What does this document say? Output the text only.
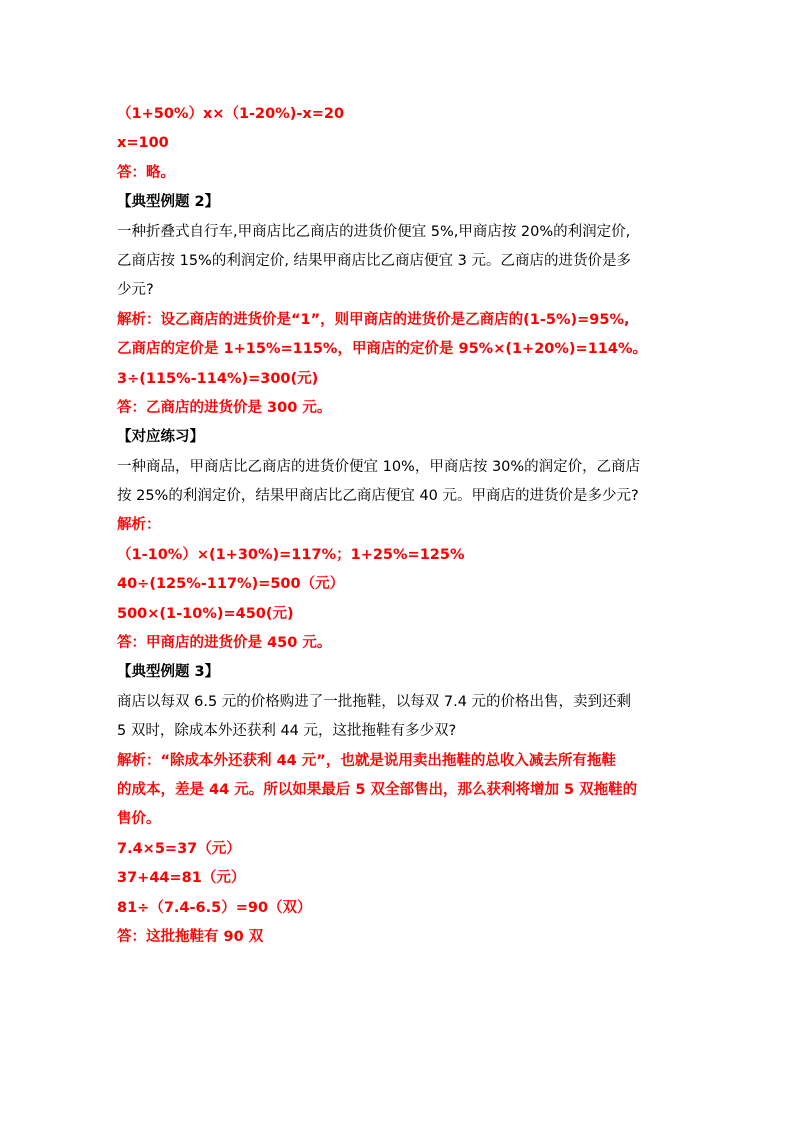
（1+50%）x×（1-20%)-x=20
x=100
答：略。
【典型例题 2】
一种折叠式自行车,甲商店比乙商店的进货价便宜 5%,甲商店按 20%的利润定价,
乙商店按 15%的利润定价, 结果甲商店比乙商店便宜 3 元。乙商店的进货价是多
少元?
解析：设乙商店的进货价是“1”，则甲商店的进货价是乙商店的(1-5%)=95%,
乙商店的定价是 1+15%=115%，甲商店的定价是 95%×(1+20%)=114%。
3÷(115%-114%)=300(元)
答：乙商店的进货价是 300 元。
【对应练习】
一种商品，甲商店比乙商店的进货价便宜 10%，甲商店按 30%的润定价，乙商店
按 25%的利润定价，结果甲商店比乙商店便宜 40 元。甲商店的进货价是多少元?
解析：
（1-10%）×(1+30%)=117%；1+25%=125%
40÷(125%-117%)=500（元）
500×(1-10%)=450(元)
答：甲商店的进货价是 450 元。
【典型例题 3】
商店以每双 6.5 元的价格购进了一批拖鞋，以每双 7.4 元的价格出售，卖到还剩
5 双时，除成本外还获利 44 元，这批拖鞋有多少双?
解析：“除成本外还获利 44 元”，也就是说用卖出拖鞋的总收入减去所有拖鞋
的成本，差是 44 元。所以如果最后 5 双全部售出，那么获利将增加 5 双拖鞋的
售价。
7.4×5=37（元）
37+44=81（元）
81÷（7.4-6.5）=90（双）
答：这批拖鞋有 90 双
